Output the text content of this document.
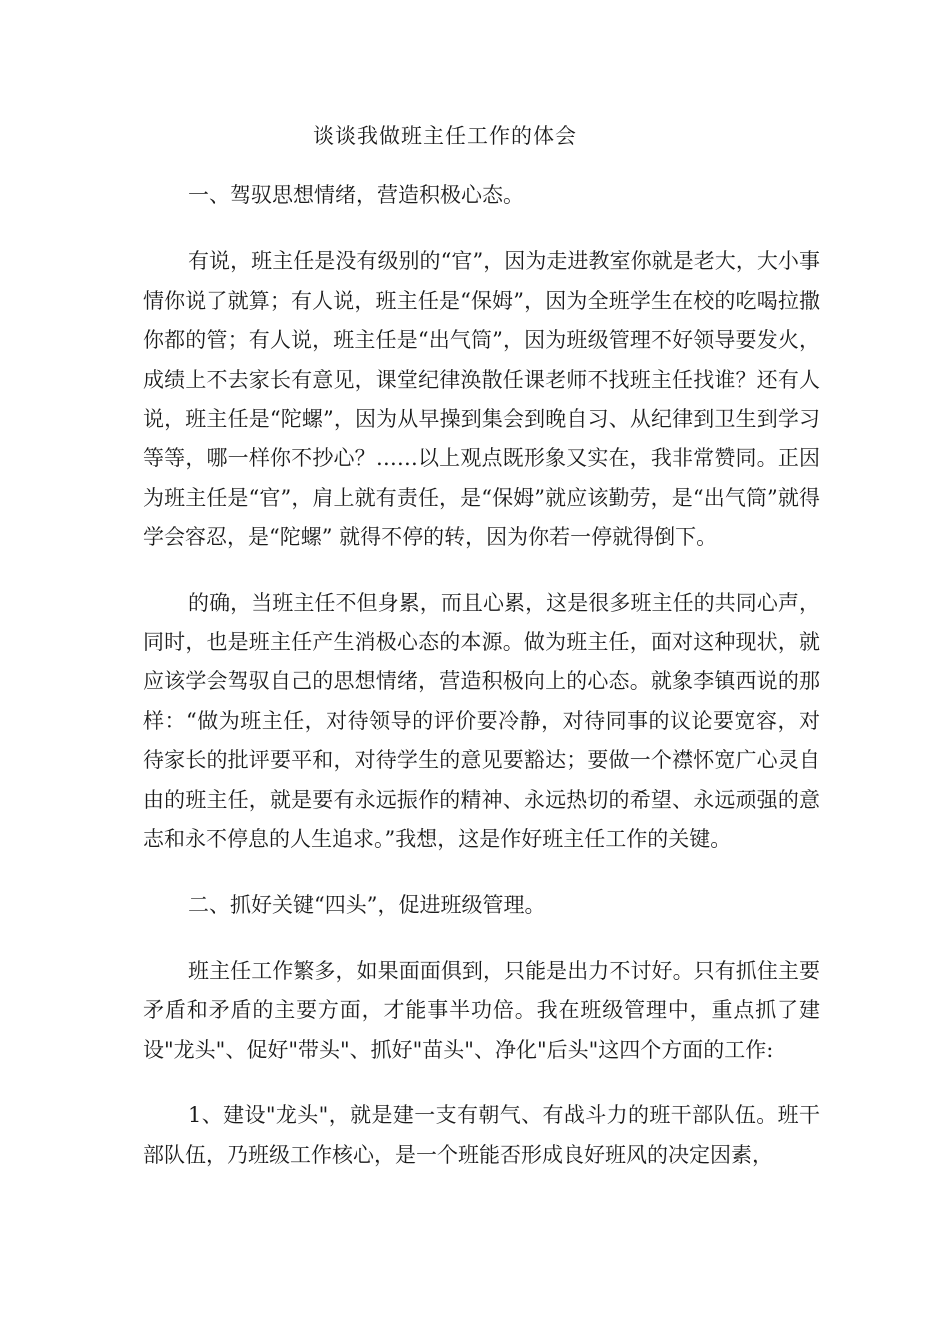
谈谈我做班主任工作的体会

一、驾驭思想情绪，营造积极心态。

有说，班主任是没有级别的“官”，因为走进教室你就是老大，大小事情你说了就算；有人说，班主任是“保姆”，因为全班学生在校的吃喝拉撒你都的管；有人说，班主任是“出气筒”，因为班级管理不好领导要发火，成绩上不去家长有意见，课堂纪律涣散任课老师不找班主任找谁？还有人说，班主任是“陀螺”，因为从早操到集会到晚自习、从纪律到卫生到学习等等，哪一样你不抄心？……以上观点既形象又实在，我非常赞同。正因为班主任是“官”，肩上就有责任，是“保姆”就应该勤劳，是“出气筒”就得学会容忍，是“陀螺” 就得不停的转，因为你若一停就得倒下。

的确，当班主任不但身累，而且心累，这是很多班主任的共同心声，同时，也是班主任产生消极心态的本源。做为班主任，面对这种现状，就应该学会驾驭自己的思想情绪，营造积极向上的心态。就象李镇西说的那样：“做为班主任，对待领导的评价要冷静，对待同事的议论要宽容，对待家长的批评要平和，对待学生的意见要豁达；要做一个襟怀宽广心灵自由的班主任，就是要有永远振作的精神、永远热切的希望、永远顽强的意志和永不停息的人生追求。”我想，这是作好班主任工作的关键。

二、抓好关键“四头”，促进班级管理。

班主任工作繁多，如果面面俱到，只能是出力不讨好。只有抓住主要矛盾和矛盾的主要方面，才能事半功倍。我在班级管理中，重点抓了建设"龙头"、促好"带头"、抓好"苗头"、净化"后头"这四个方面的工作:

1、建设"龙头"，就是建一支有朝气、有战斗力的班干部队伍。班干部队伍，乃班级工作核心，是一个班能否形成良好班风的决定因素，
